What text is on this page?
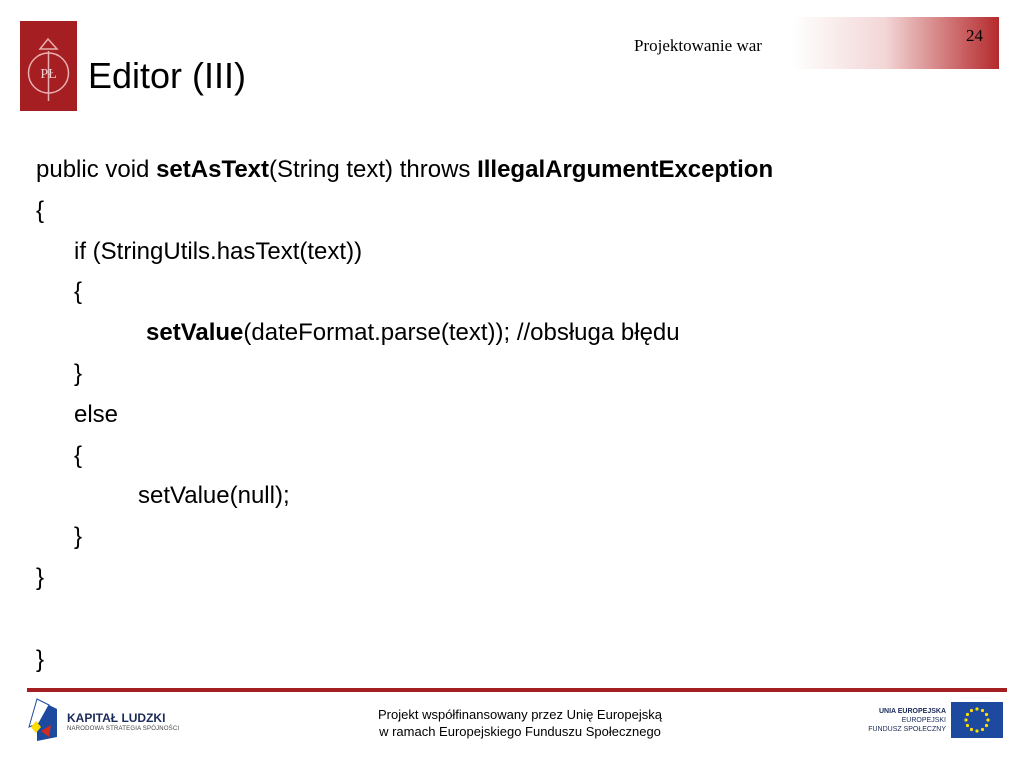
PŁ Editor (III)
Projektowanie war
24
public void setAsText(String text) throws IllegalArgumentException
{
if (StringUtils.hasText(text))
{
setValue(dateFormat.parse(text)); //obsługa błędu
}
else
{
setValue(null);
}
}
}
KAPITAŁ LUDZKI
NARODOWA STRATEGIA SPÓJNOŚCI
Projekt współfinansowany przez Unię Europejską
w ramach Europejskiego Funduszu Społecznego
UNIA EUROPEJSKA
EUROPEJSKI
FUNDUSZ SPOŁECZNY
